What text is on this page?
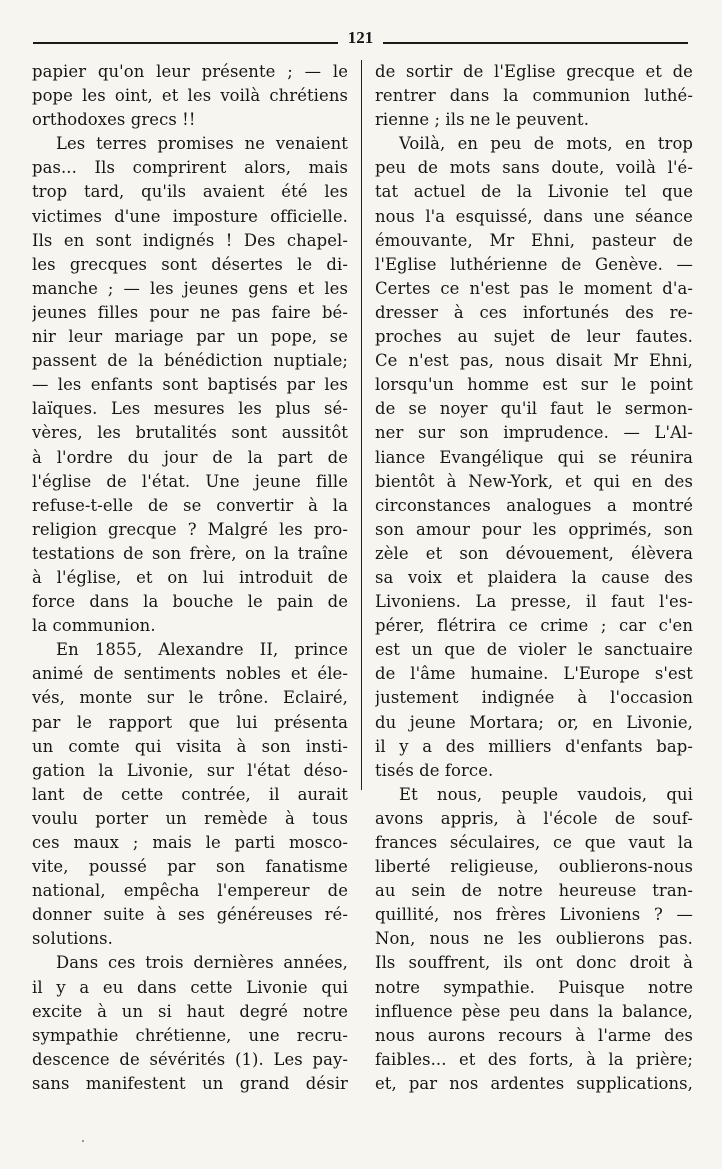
121
papier qu'on leur présente ; — le
pope les oint, et les voilà chrétiens
orthodoxes grecs !!
Les terres promises ne venaient
pas... Ils comprirent alors, mais
trop tard, qu'ils avaient été les
victimes d'une imposture officielle.
Ils en sont indignés ! Des chapel-
les grecques sont désertes le di-
manche ; — les jeunes gens et les
jeunes filles pour ne pas faire bé-
nir leur mariage par un pope, se
passent de la bénédiction nuptiale;
— les enfants sont baptisés par les
laïques. Les mesures les plus sé-
vères, les brutalités sont aussitôt
à l'ordre du jour de la part de
l'église de l'état. Une jeune fille
refuse-t-elle de se convertir à la
religion grecque ? Malgré les pro-
testations de son frère, on la traîne
à l'église, et on lui introduit de
force dans la bouche le pain de
la communion.
En 1855, Alexandre II, prince
animé de sentiments nobles et éle-
vés, monte sur le trône. Eclairé,
par le rapport que lui présenta
un comte qui visita à son insti-
gation la Livonie, sur l'état déso-
lant de cette contrée, il aurait
voulu porter un remède à tous
ces maux ; mais le parti mosco-
vite, poussé par son fanatisme
national, empêcha l'empereur de
donner suite à ses généreuses ré-
solutions.
Dans ces trois dernières années,
il y a eu dans cette Livonie qui
excite à un si haut degré notre
sympathie chrétienne, une recru-
descence de sévérités (1). Les pay-
sans manifestent un grand désir
de sortir de l'Eglise grecque et de
rentrer dans la communion luthé-
rienne ; ils ne le peuvent.
Voilà, en peu de mots, en trop
peu de mots sans doute, voilà l'é-
tat actuel de la Livonie tel que
nous l'a esquissé, dans une séance
émouvante, Mr Ehni, pasteur de
l'Eglise luthérienne de Genève. —
Certes ce n'est pas le moment d'a-
dresser à ces infortunés des re-
proches au sujet de leur fautes.
Ce n'est pas, nous disait Mr Ehni,
lorsqu'un homme est sur le point
de se noyer qu'il faut le sermon-
ner sur son imprudence. — L'Al-
liance Evangélique qui se réunira
bientôt à New-York, et qui en des
circonstances analogues a montré
son amour pour les opprimés, son
zèle et son dévouement, élèvera
sa voix et plaidera la cause des
Livoniens. La presse, il faut l'es-
pérer, flétrira ce crime ; car c'en
est un que de violer le sanctuaire
de l'âme humaine. L'Europe s'est
justement indignée à l'occasion
du jeune Mortara; or, en Livonie,
il y a des milliers d'enfants bap-
tisés de force.
Et nous, peuple vaudois, qui
avons appris, à l'école de souf-
frances séculaires, ce que vaut la
liberté religieuse, oublierons-nous
au sein de notre heureuse tran-
quillité, nos frères Livoniens ? —
Non, nous ne les oublierons pas.
Ils souffrent, ils ont donc droit à
notre sympathie. Puisque notre
influence pèse peu dans la balance,
nous aurons recours à l'arme des
faibles... et des forts, à la prière;
et, par nos ardentes supplications,
